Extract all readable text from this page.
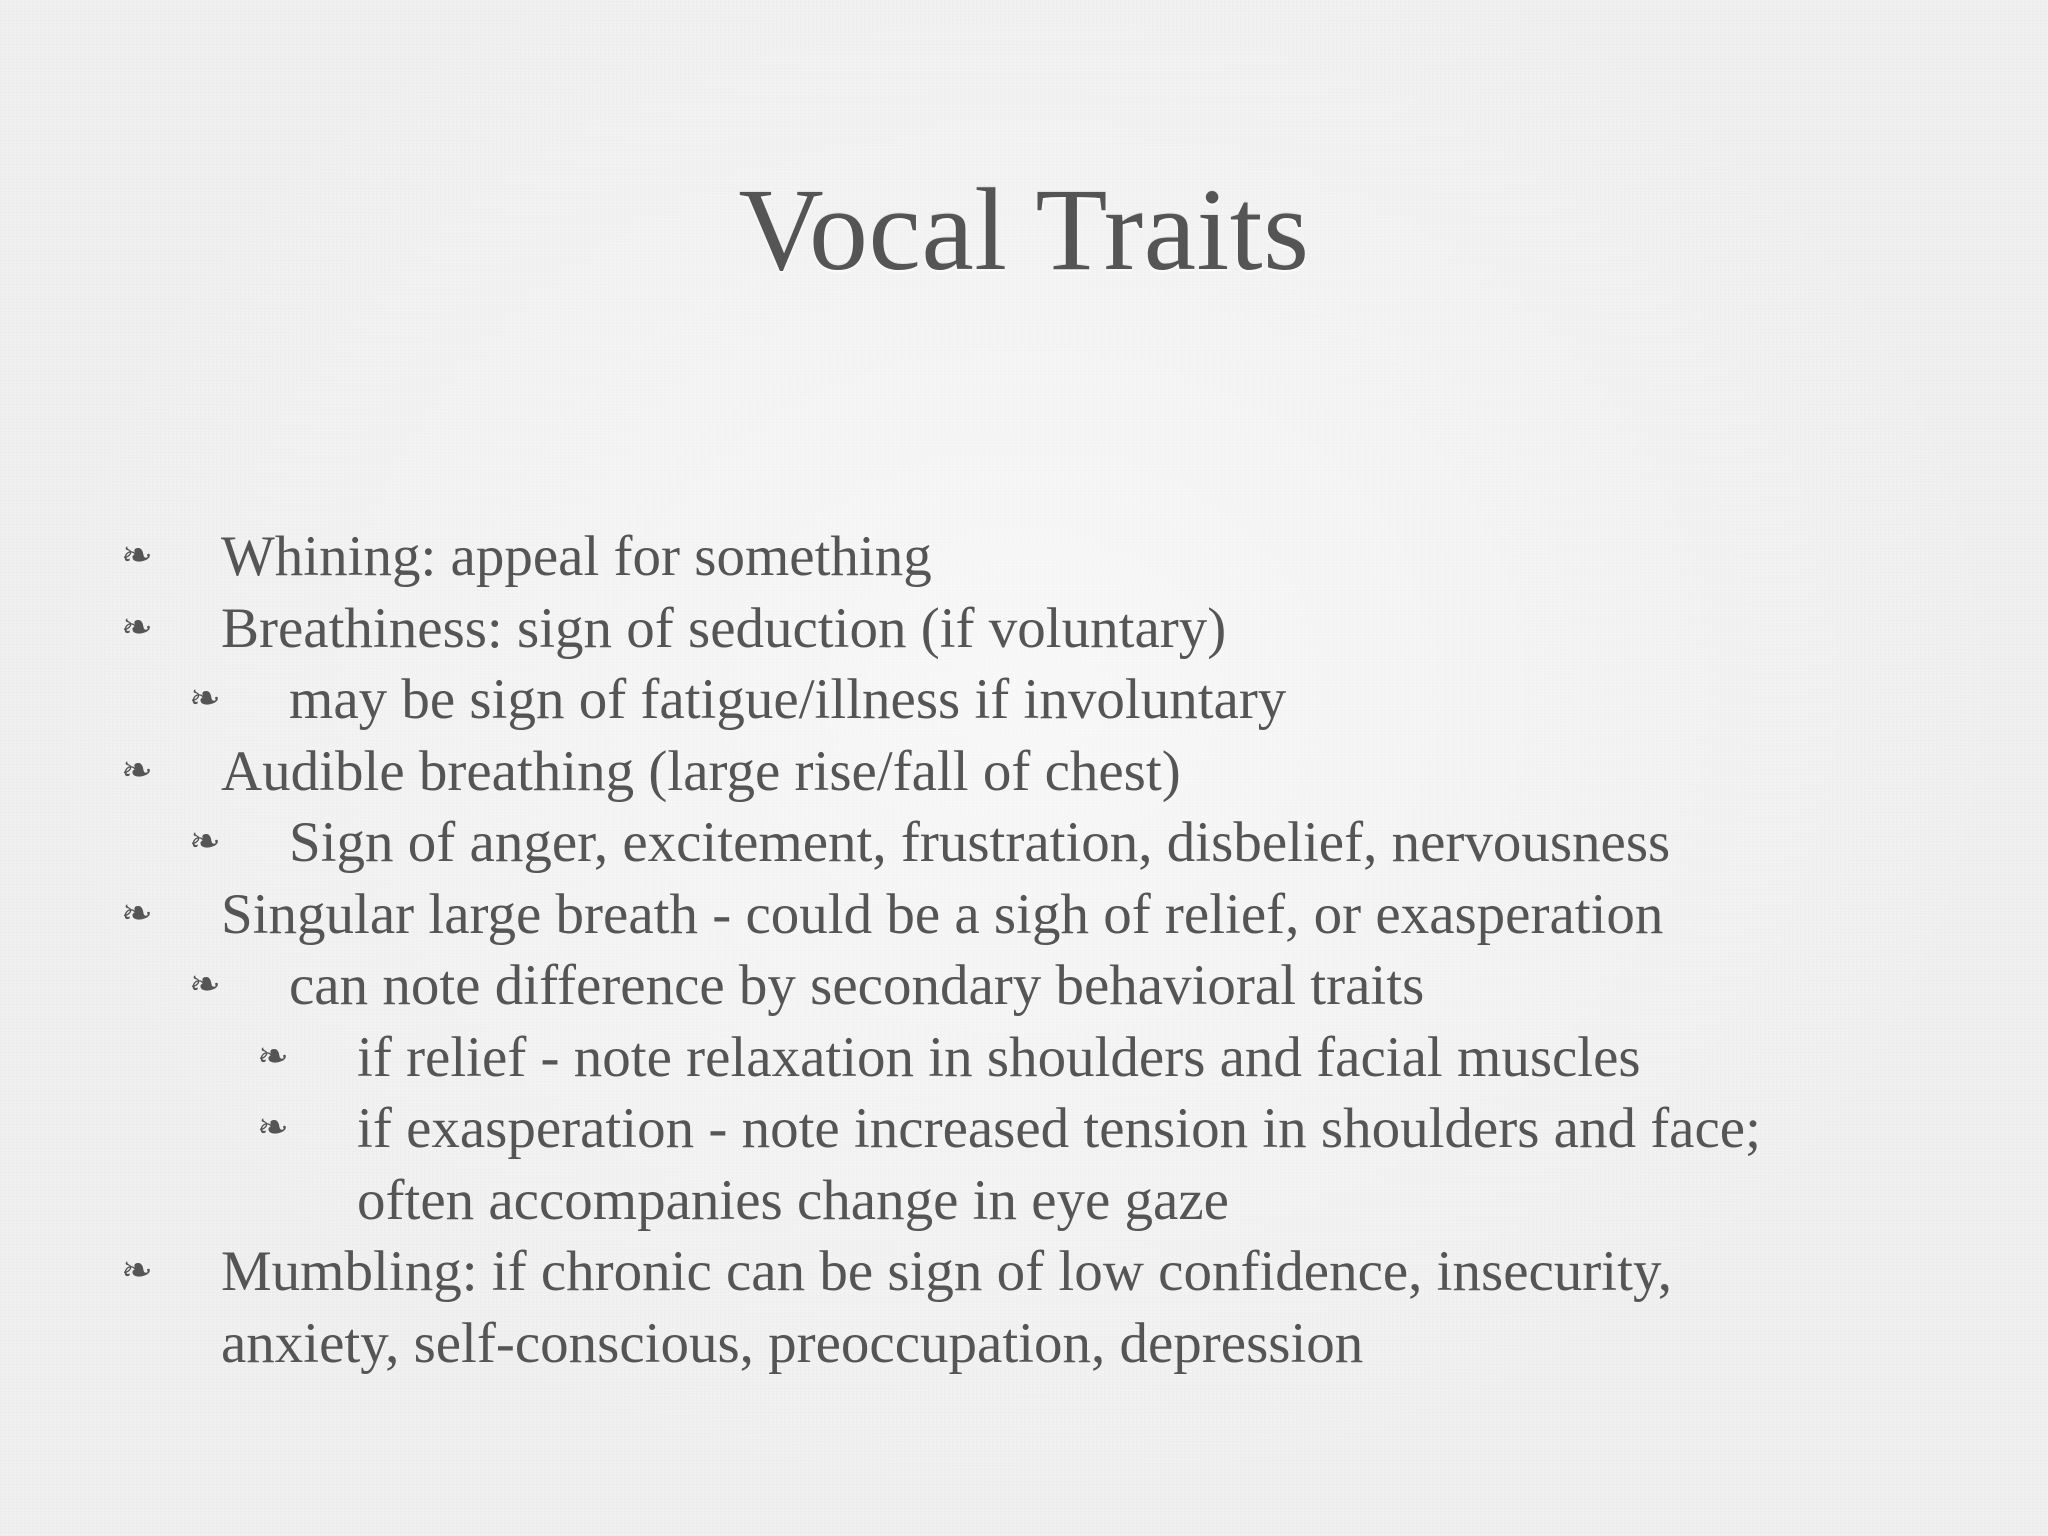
Vocal Traits
❧ Whining: appeal for something
❧ Breathiness: sign of seduction (if voluntary)
❧ may be sign of fatigue/illness if involuntary
❧ Audible breathing (large rise/fall of chest)
❧ Sign of anger, excitement, frustration, disbelief, nervousness
❧ Singular large breath - could be a sigh of relief, or exasperation
❧ can note difference by secondary behavioral traits
❧ if relief - note relaxation in shoulders and facial muscles
❧ if exasperation - note increased tension in shoulders and face;
often accompanies change in eye gaze
❧ Mumbling: if chronic can be sign of low confidence, insecurity,
anxiety, self-conscious, preoccupation, depression
